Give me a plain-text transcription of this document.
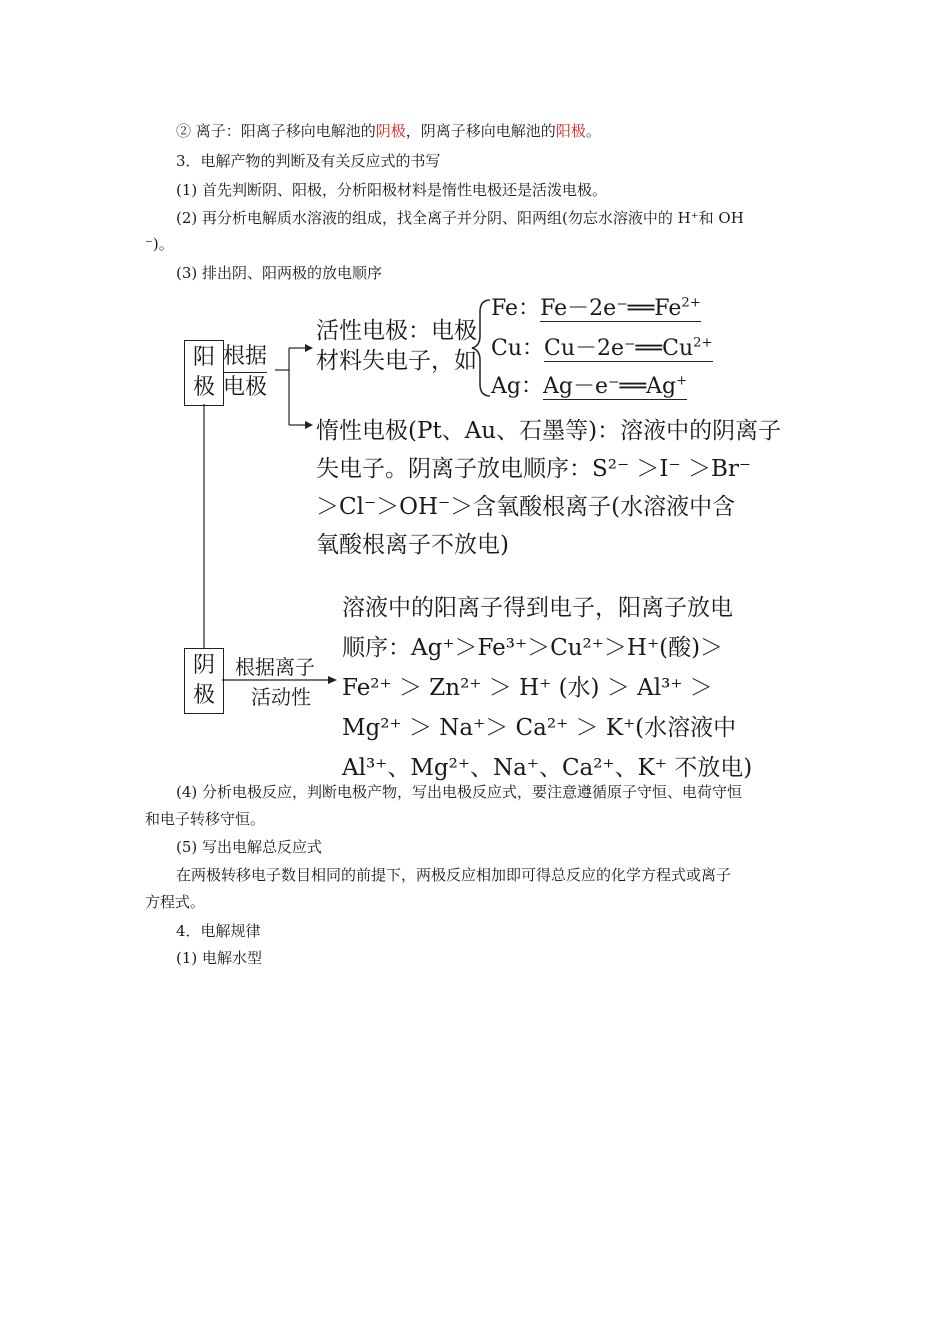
② 离子：阳离子移向电解池的阴极，阴离子移向电解池的阳极。
3．电解产物的判断及有关反应式的书写
(1) 首先判断阴、阳极，分析阳极材料是惰性电极还是活泼电极。
(2) 再分析电解质水溶液的组成，找全离子并分阴、阳两组(勿忘水溶液中的 H⁺和 OH
⁻)。
(3) 排出阴、阳两极的放电顺序
阳
极
根据
电极
活性电极：电极
材料失电子，如
Fe：$Fe-2e^-══Fe^{2+}$
Cu：$Cu-2e^-══Cu^{2+}$
Ag：Ag－e⁻══Ag+
惰性电极(Pt、Au、石墨等)：溶液中的阴离子
失电子。阴离子放电顺序：S²⁻ ＞I⁻ ＞Br⁻
＞Cl⁻＞OH⁻＞含氧酸根离子(水溶液中含
氧酸根离子不放电)
阴
极
根据离子
活动性
溶液中的阳离子得到电子，阳离子放电
顺序：Ag⁺＞Fe³⁺＞Cu²⁺＞H⁺(酸)＞
Fe²⁺ ＞ Zn²⁺ ＞ H⁺ (水) ＞ Al³⁺ ＞
Mg²⁺ ＞ Na⁺＞ Ca²⁺ ＞ K⁺(水溶液中
Al³⁺、Mg²⁺、Na⁺、Ca²⁺、K⁺ 不放电)
(4) 分析电极反应，判断电极产物，写出电极反应式，要注意遵循原子守恒、电荷守恒
和电子转移守恒。
(5) 写出电解总反应式
在两极转移电子数目相同的前提下，两极反应相加即可得总反应的化学方程式或离子
方程式。
4．电解规律
(1) 电解水型
